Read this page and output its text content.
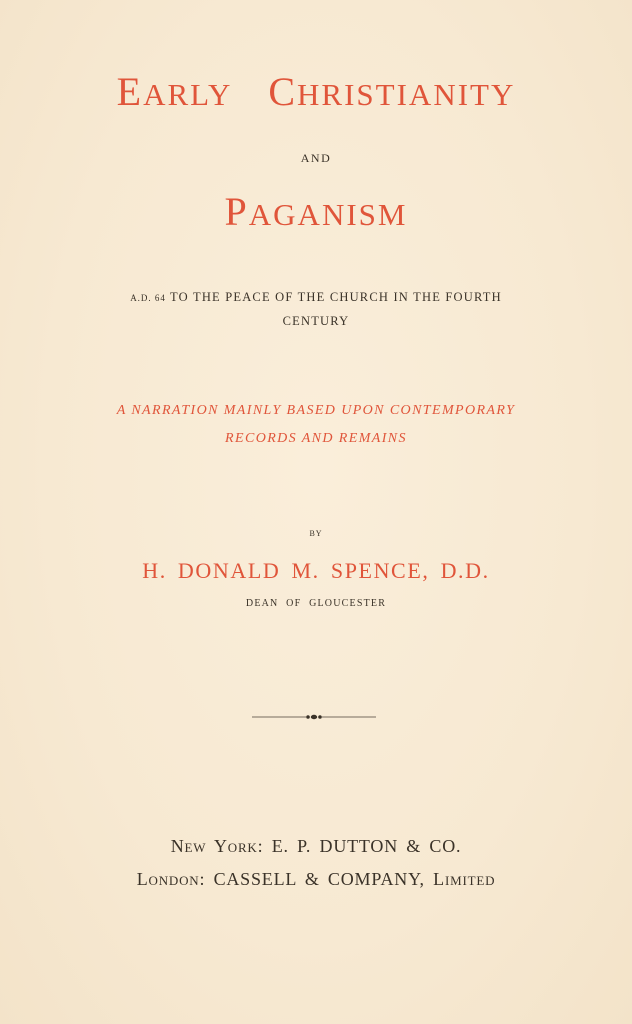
EARLY CHRISTIANITY
AND
PAGANISM
A.D. 64 TO THE PEACE OF THE CHURCH IN THE FOURTH
CENTURY
A NARRATION MAINLY BASED UPON CONTEMPORARY
RECORDS AND REMAINS
BY
H. DONALD M. SPENCE, D.D.
DEAN OF GLOUCESTER
NEW YORK: E. P. DUTTON & CO.
LONDON: CASSELL & COMPANY, LIMITED
